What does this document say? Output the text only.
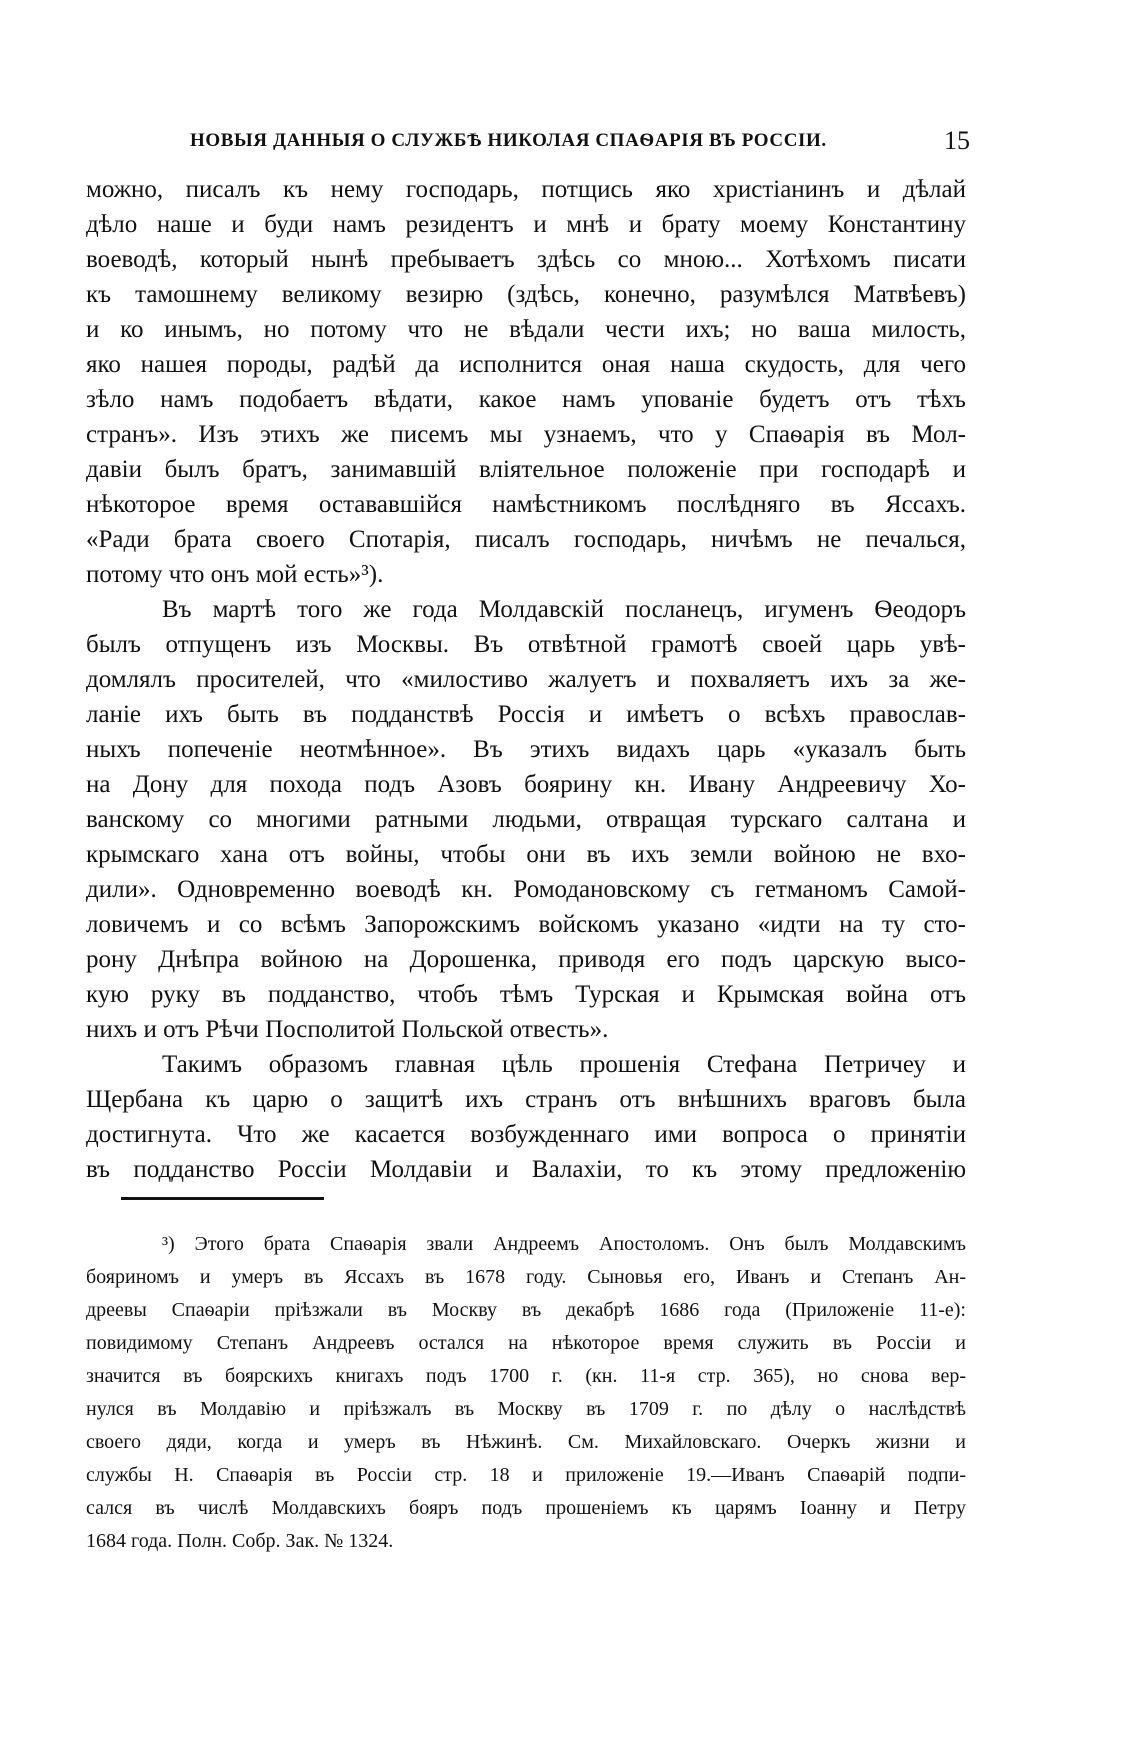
НОВЫЯ ДАННЫЯ О СЛУЖБѢ НИКОЛАЯ СПАѲАРІЯ ВЪ РОССІИ.	15
можно, писалъ къ нему господарь, потщись яко христіанинъ и дѣлай
дѣло наше и буди намъ резидентъ и мнѣ и брату моему Константину
воеводѣ, который нынѣ пребываетъ здѣсь со мною... Хотѣхомъ писати
къ тамошнему великому везирю (здѣсь, конечно, разумѣлся Матвѣевъ)
и ко инымъ, но потому что не вѣдали чести ихъ; но ваша милость,
яко нашея породы, радѣй да исполнится оная наша скудость, для чего
зѣло намъ подобаетъ вѣдати, какое намъ упованіе будетъ отъ тѣхъ
странъ». Изъ этихъ же писемъ мы узнаемъ, что у Спаѳарія въ Мол-
давіи былъ братъ, занимавшій вліятельное положеніе при господарѣ и
нѣкоторое время остававшійся намѣстникомъ послѣдняго въ Яссахъ.
«Ради брата своего Спотарія, писалъ господарь, ничѣмъ не печалься,
потому что онъ мой есть»³).
Въ мартѣ того же года Молдавскій посланецъ, игуменъ Ѳеодоръ
былъ отпущенъ изъ Москвы. Въ отвѣтной грамотѣ своей царь увѣ-
домлялъ просителей, что «милостиво жалуетъ и похваляетъ ихъ за же-
ланіе ихъ быть въ подданствѣ Россія и имѣетъ о всѣхъ православ-
ныхъ попеченіе неотмѣнное». Въ этихъ видахъ царь «указалъ быть
на Дону для похода подъ Азовъ боярину кн. Ивану Андреевичу Хо-
ванскому со многими ратными людьми, отвращая турскаго салтана и
крымскаго хана отъ войны, чтобы они въ ихъ земли войною не вхо-
дили». Одновременно воеводѣ кн. Ромодановскому съ гетманомъ Самой-
ловичемъ и со всѣмъ Запорожскимъ войскомъ указано «идти на ту сто-
рону Днѣпра войною на Дорошенка, приводя его подъ царскую высо-
кую руку въ подданство, чтобъ тѣмъ Турская и Крымская война отъ
нихъ и отъ Рѣчи Посполитой Польской отвесть».
Такимъ образомъ главная цѣль прошенія Стефана Петричеу и
Щербана къ царю о защитѣ ихъ странъ отъ внѣшнихъ враговъ была
достигнута. Что же касается возбужденнаго ими вопроса о принятіи
въ подданство Россіи Молдавіи и Валахіи, то къ этому предложенію
³) Этого брата Спаѳарія звали Андреемъ Апостоломъ. Онъ былъ Молдавскимъ
бояриномъ и умеръ въ Яссахъ въ 1678 году. Сыновья его, Иванъ и Степанъ Ан-
дреевы Спаѳаріи пріѣзжали въ Москву въ декабрѣ 1686 года (Приложеніе 11-е):
повидимому Степанъ Андреевъ остался на нѣкоторое время служить въ Россіи и
значится въ боярскихъ книгахъ подъ 1700 г. (кн. 11-я стр. 365), но снова вер-
нулся въ Молдавію и пріѣзжалъ въ Москву въ 1709 г. по дѣлу о наслѣдствѣ
своего дяди, когда и умеръ въ Нѣжинѣ. См. Михайловскаго. Очеркъ жизни и
службы Н. Спаѳарія въ Россіи стр. 18 и приложеніе 19.—Иванъ Спаѳарій подпи-
сался въ числѣ Молдавскихъ бояръ подъ прошеніемъ къ царямъ Іоанну и Петру
1684 года. Полн. Собр. Зак. № 1324.
